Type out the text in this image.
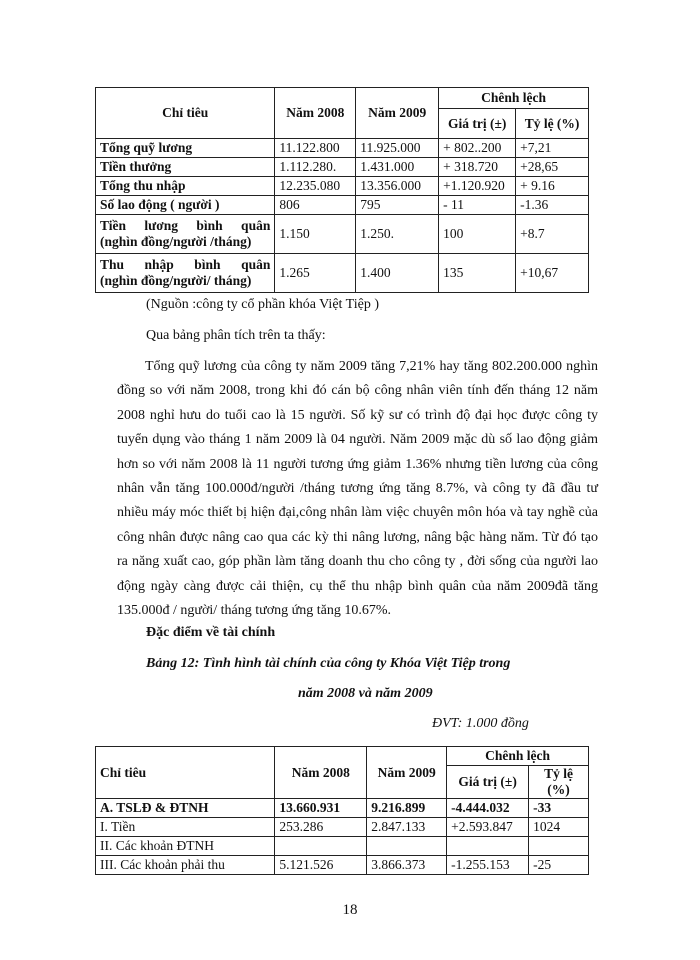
Chỉ tiêu	Năm 2008	Năm 2009	Chênh lệch	
			Giá trị (±)	Tỷ lệ (%)
Tổng quỹ lương	11.122.800	11.925.000	+ 802..200	+7,21
Tiền thưởng	1.112.280.	1.431.000	+ 318.720	+28,65
Tổng thu nhập	12.235.080	13.356.000	+1.120.920	+ 9.16
Số lao động ( người )	806	795	- 11	-1.36

Tiền lương bình quân
(nghìn đồng/người /tháng)	1.150	1.250.	100	+8.7

Thu nhập bình quân
(nghìn đồng/người/ tháng)	1.265	1.400	135	+10,67
(Nguồn :công ty cổ phần khóa Việt Tiệp )
Qua bảng phân tích trên ta thấy:
Tổng quỹ lương của công ty năm 2009 tăng 7,21% hay tăng 802.200.000 nghìn đồng so với năm 2008, trong khi đó cán bộ công nhân viên tính đến tháng 12 năm 2008 nghỉ hưu do tuổi cao là 15 người. Số kỹ sư có trình độ đại học được công ty tuyển dụng vào tháng 1 năm 2009 là 04 người. Năm 2009 mặc dù số lao động giảm hơn so với năm 2008 là 11 người tương ứng giảm 1.36% nhưng tiền lương của công nhân vẫn tăng 100.000đ/người /tháng tương ứng tăng 8.7%, và công ty đã đầu tư nhiều máy móc thiết bị hiện đại,công nhân làm việc chuyên môn hóa và tay nghề của công nhân được nâng cao qua các kỳ thi nâng lương, nâng bậc hàng năm. Từ đó tạo ra năng xuất cao, góp phần làm tăng doanh thu cho công ty , đời sống của người lao động ngày càng được cải thiện, cụ thể thu nhập bình quân của năm 2009đã tăng 135.000đ / người/ tháng tương ứng tăng 10.67%.
Đặc điểm về tài chính
Bảng 12: Tình hình tài chính của công ty Khóa Việt Tiệp trong
năm 2008 và năm 2009
ĐVT: 1.000 đồng
Chỉ tiêu	Năm 2008	Năm 2009	Chênh lệch	
			Giá trị (±)	Tỷ lệ (%)
A. TSLĐ & ĐTNH	13.660.931	9.216.899	-4.444.032	-33
I. Tiền	253.286	2.847.133	+2.593.847	1024
II. Các khoản ĐTNH				
III. Các khoản phải thu	5.121.526	3.866.373	-1.255.153	-25
18
